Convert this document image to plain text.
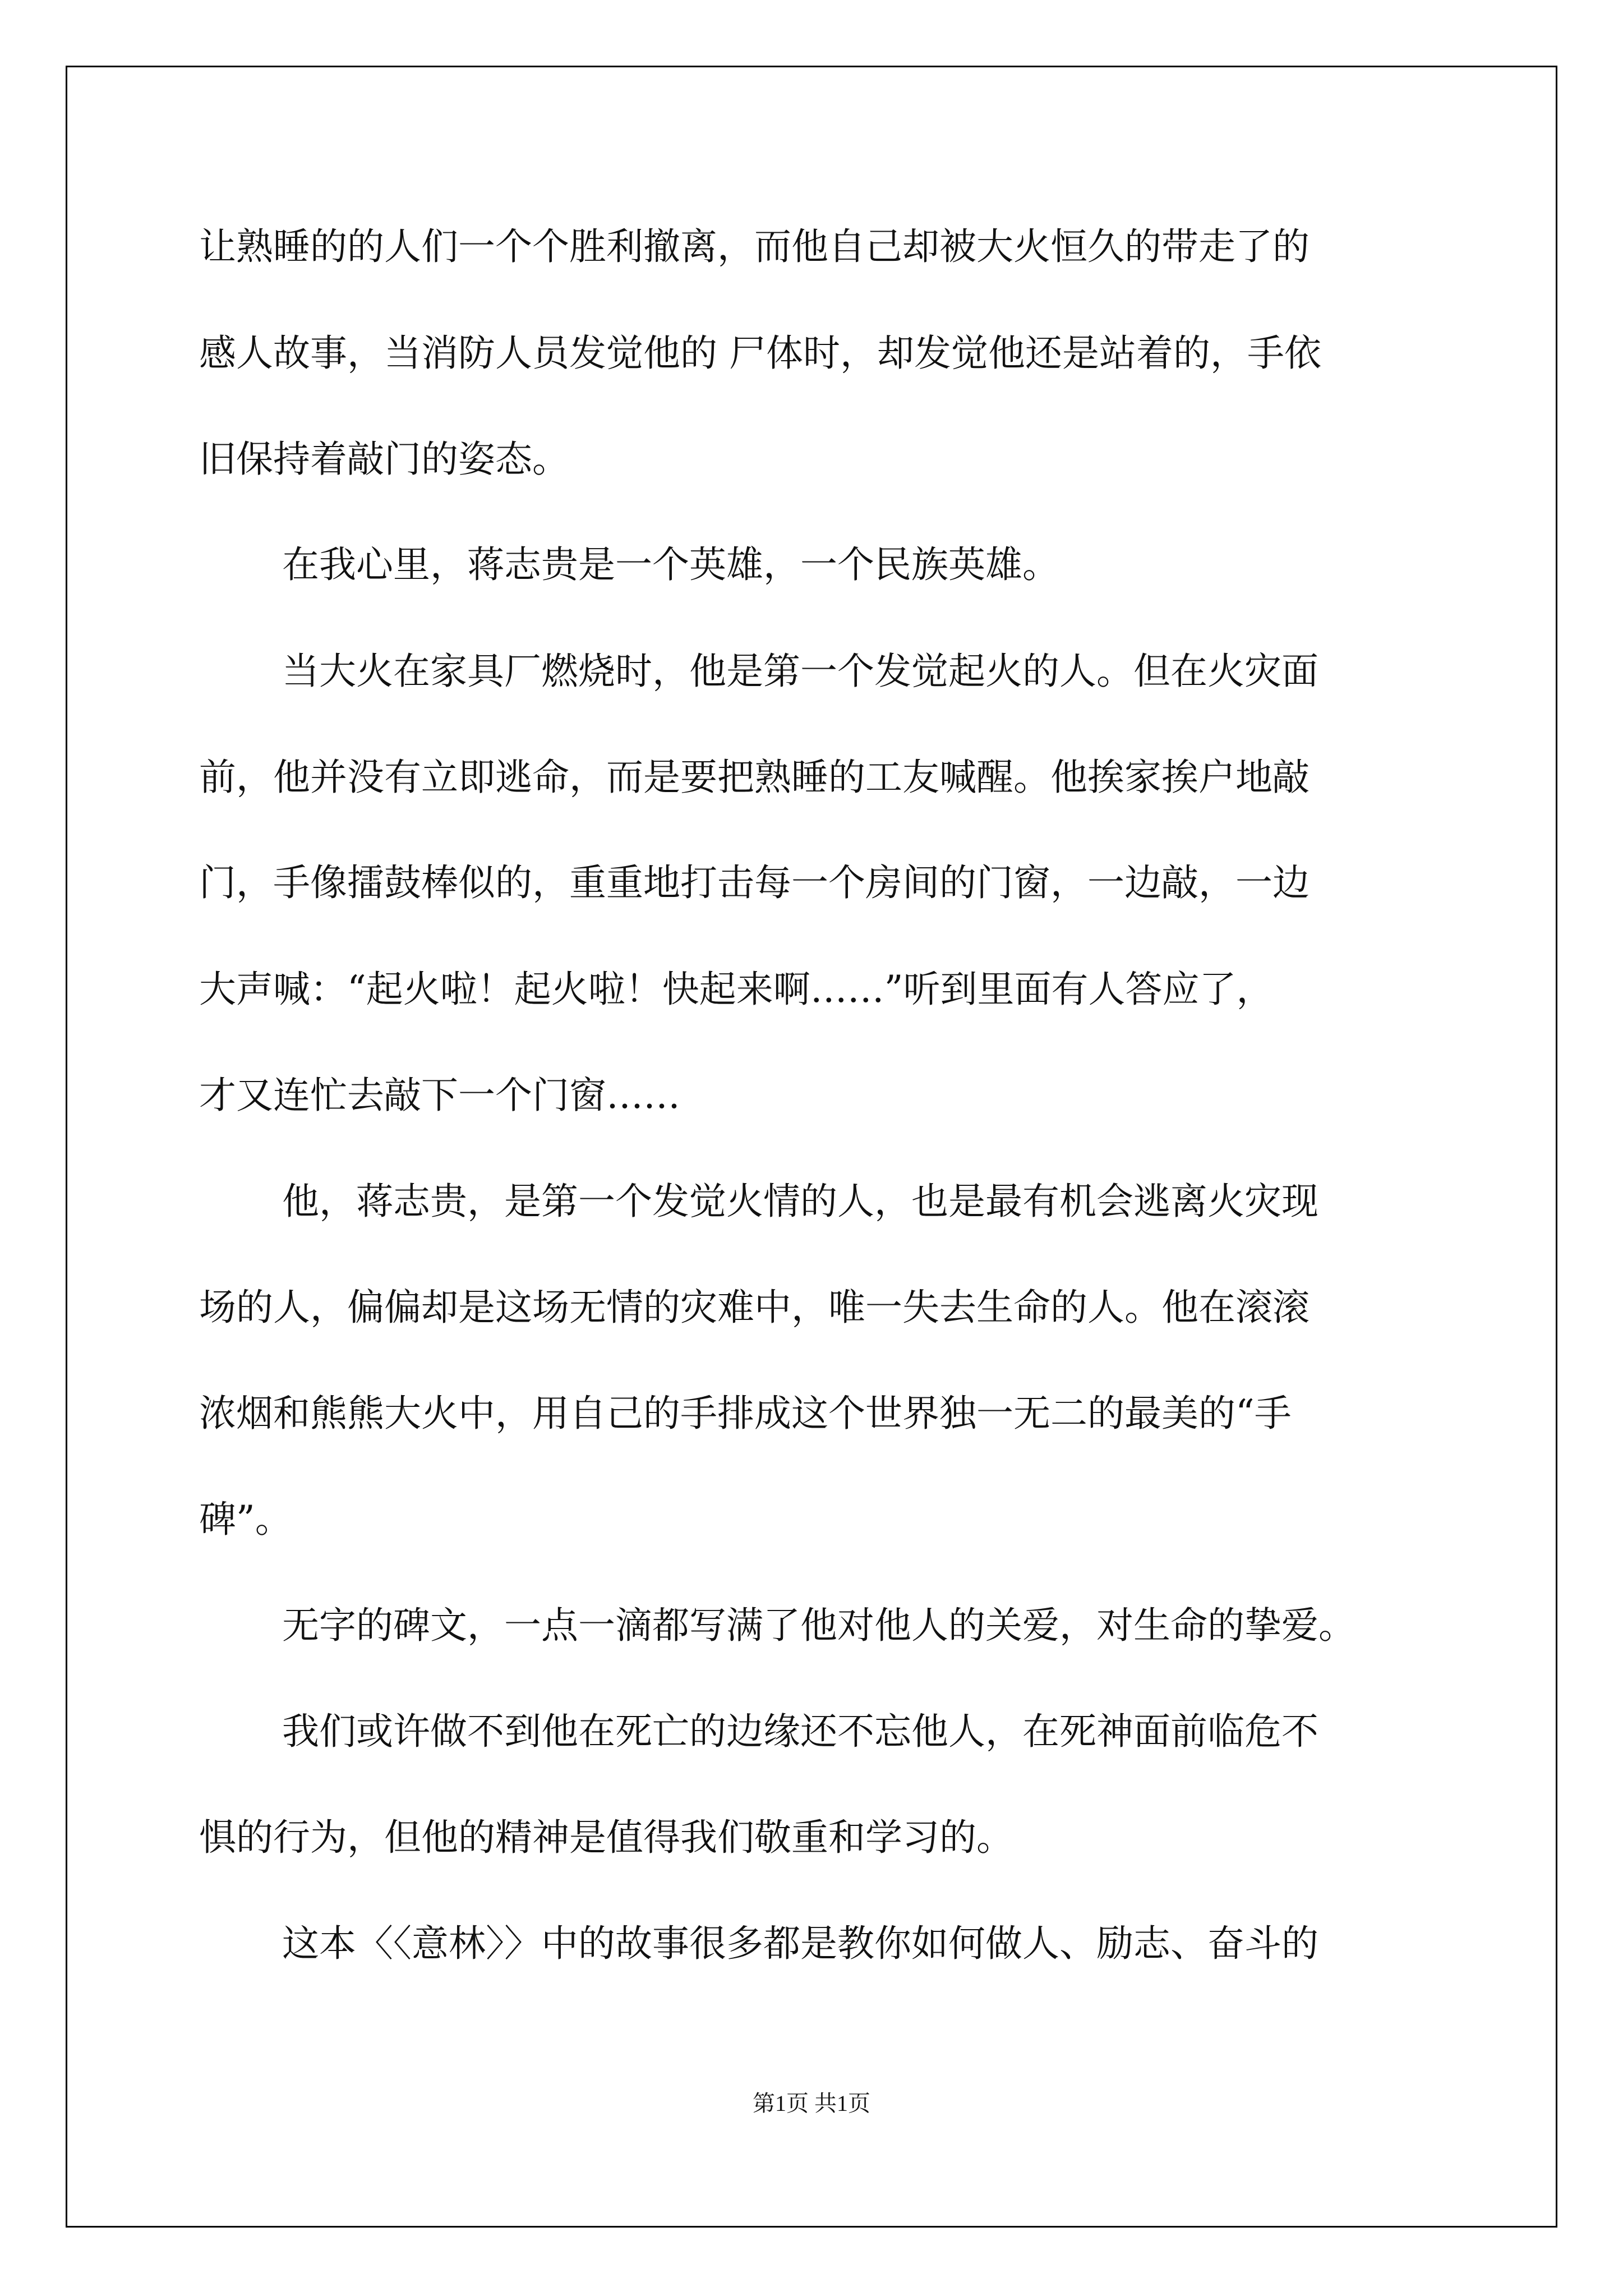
让熟睡的的人们一个个胜利撤离，而他自己却被大火恒久的带走了的

感人故事，当消防人员发觉他的 尸体时，却发觉他还是站着的，手依

旧保持着敲门的姿态。

在我心里，蒋志贵是一个英雄，一个民族英雄。

当大火在家具厂燃烧时，他是第一个发觉起火的人。但在火灾面

前，他并没有立即逃命，而是要把熟睡的工友喊醒。他挨家挨户地敲

门，手像擂鼓棒似的，重重地打击每一个房间的门窗，一边敲，一边

大声喊：“起火啦！起火啦！快起来啊……”听到里面有人答应了，

才又连忙去敲下一个门窗……

他，蒋志贵，是第一个发觉火情的人，也是最有机会逃离火灾现

场的人，偏偏却是这场无情的灾难中，唯一失去生命的人。他在滚滚

浓烟和熊熊大火中，用自己的手排成这个世界独一无二的最美的“手

碑”。

无字的碑文，一点一滴都写满了他对他人的关爱，对生命的挚爱。

我们或许做不到他在死亡的边缘还不忘他人，在死神面前临危不

惧的行为，但他的精神是值得我们敬重和学习的。

这本〈〈意林〉〉中的故事很多都是教你如何做人、励志、奋斗的

第1页 共1页
